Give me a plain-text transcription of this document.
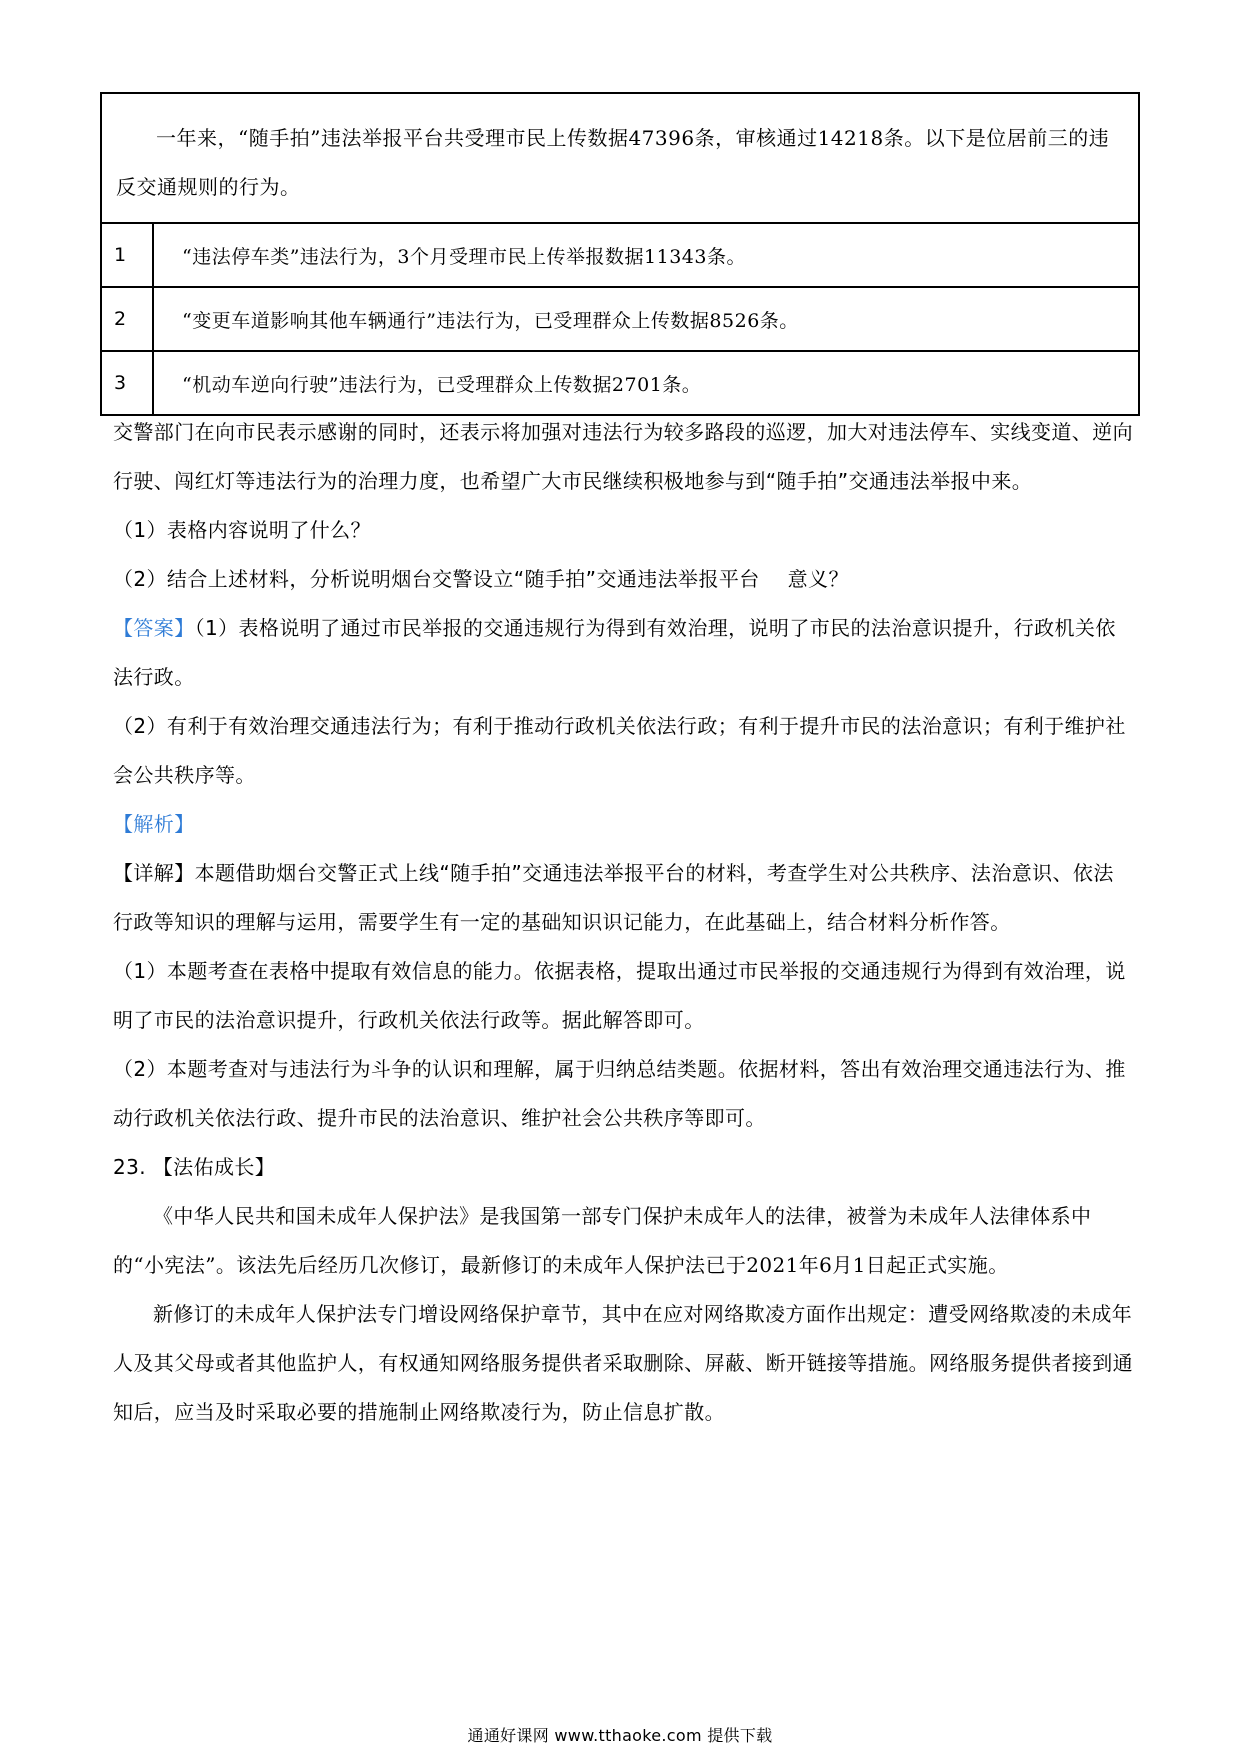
一年来，“随手拍”违法举报平台共受理市民上传数据47396条，审核通过14218条。以下是位居前三的违反交通规则的行为。
1	“违法停车类”违法行为，3个月受理市民上传举报数据11343条。
2	“变更车道影响其他车辆通行”违法行为，已受理群众上传数据8526条。
3	“机动车逆向行驶”违法行为，已受理群众上传数据2701条。

交警部门在向市民表示感谢的同时，还表示将加强对违法行为较多路段的巡逻，加大对违法停车、实线变道、逆向行驶、闯红灯等违法行为的治理力度，也希望广大市民继续积极地参与到“随手拍”交通违法举报中来。

（1）表格内容说明了什么？

（2）结合上述材料，分析说明烟台交警设立“随手拍”交通违法举报平台 意义？

【答案】（1）表格说明了通过市民举报的交通违规行为得到有效治理，说明了市民的法治意识提升，行政机关依法行政。

（2）有利于有效治理交通违法行为；有利于推动行政机关依法行政；有利于提升市民的法治意识；有利于维护社会公共秩序等。

【解析】

【详解】本题借助烟台交警正式上线“随手拍”交通违法举报平台的材料，考查学生对公共秩序、法治意识、依法行政等知识的理解与运用，需要学生有一定的基础知识识记能力，在此基础上，结合材料分析作答。

（1）本题考查在表格中提取有效信息的能力。依据表格，提取出通过市民举报的交通违规行为得到有效治理，说明了市民的法治意识提升，行政机关依法行政等。据此解答即可。

（2）本题考查对与违法行为斗争的认识和理解，属于归纳总结类题。依据材料，答出有效治理交通违法行为、推动行政机关依法行政、提升市民的法治意识、维护社会公共秩序等即可。

23. 【法佑成长】

《中华人民共和国未成年人保护法》是我国第一部专门保护未成年人的法律，被誉为未成年人法律体系中的“小宪法”。该法先后经历几次修订，最新修订的未成年人保护法已于2021年6月1日起正式实施。

新修订的未成年人保护法专门增设网络保护章节，其中在应对网络欺凌方面作出规定：遭受网络欺凌的未成年人及其父母或者其他监护人，有权通知网络服务提供者采取删除、屏蔽、断开链接等措施。网络服务提供者接到通知后，应当及时采取必要的措施制止网络欺凌行为，防止信息扩散。

通通好课网 www.tthaoke.com 提供下载
